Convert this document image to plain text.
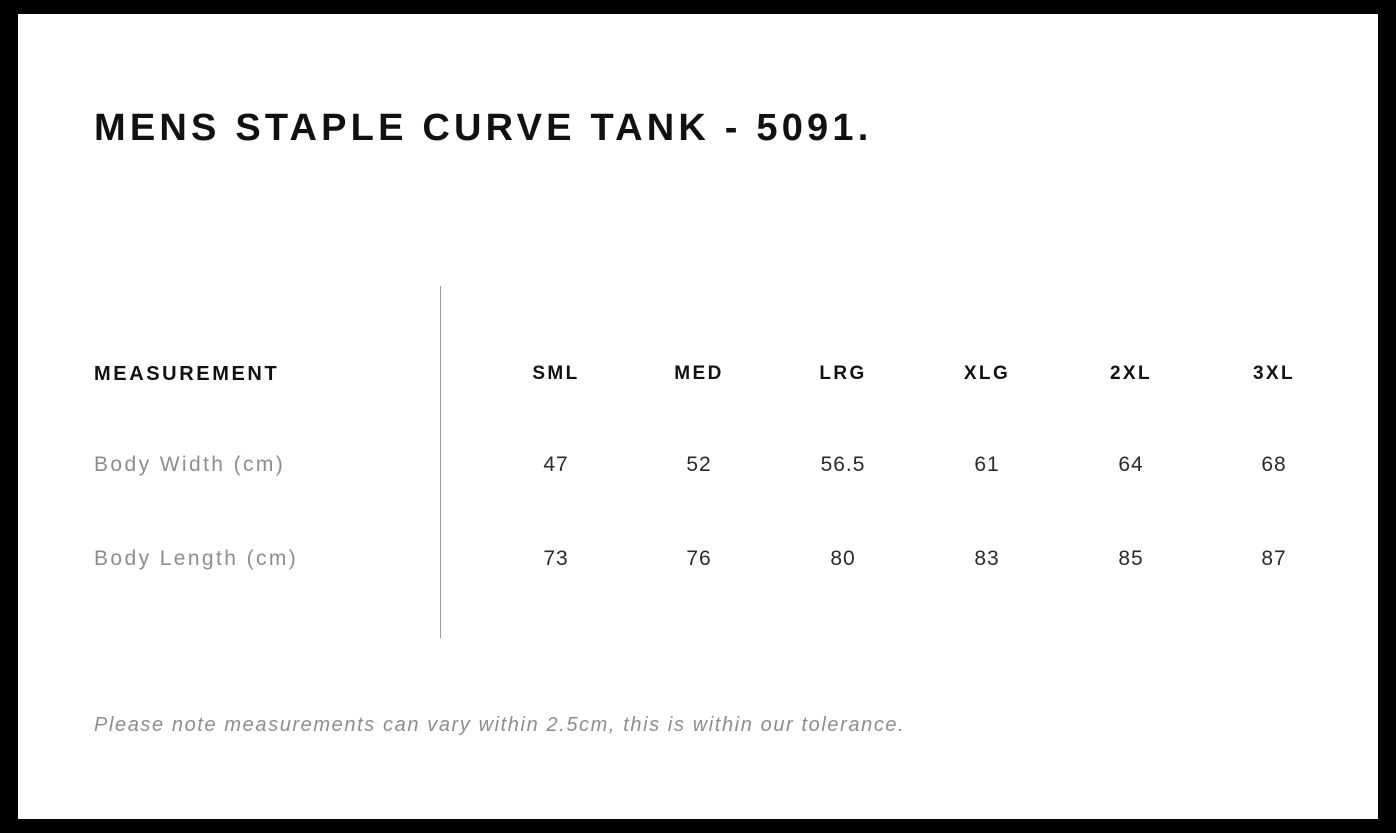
MENS STAPLE CURVE TANK - 5091.
MEASUREMENT	SML	MED	LRG	XLG	2XL	3XL
Body Width (cm)	47	52	56.5	61	64	68
Body Length (cm)	73	76	80	83	85	87
Please note measurements can vary within 2.5cm, this is within our tolerance.
